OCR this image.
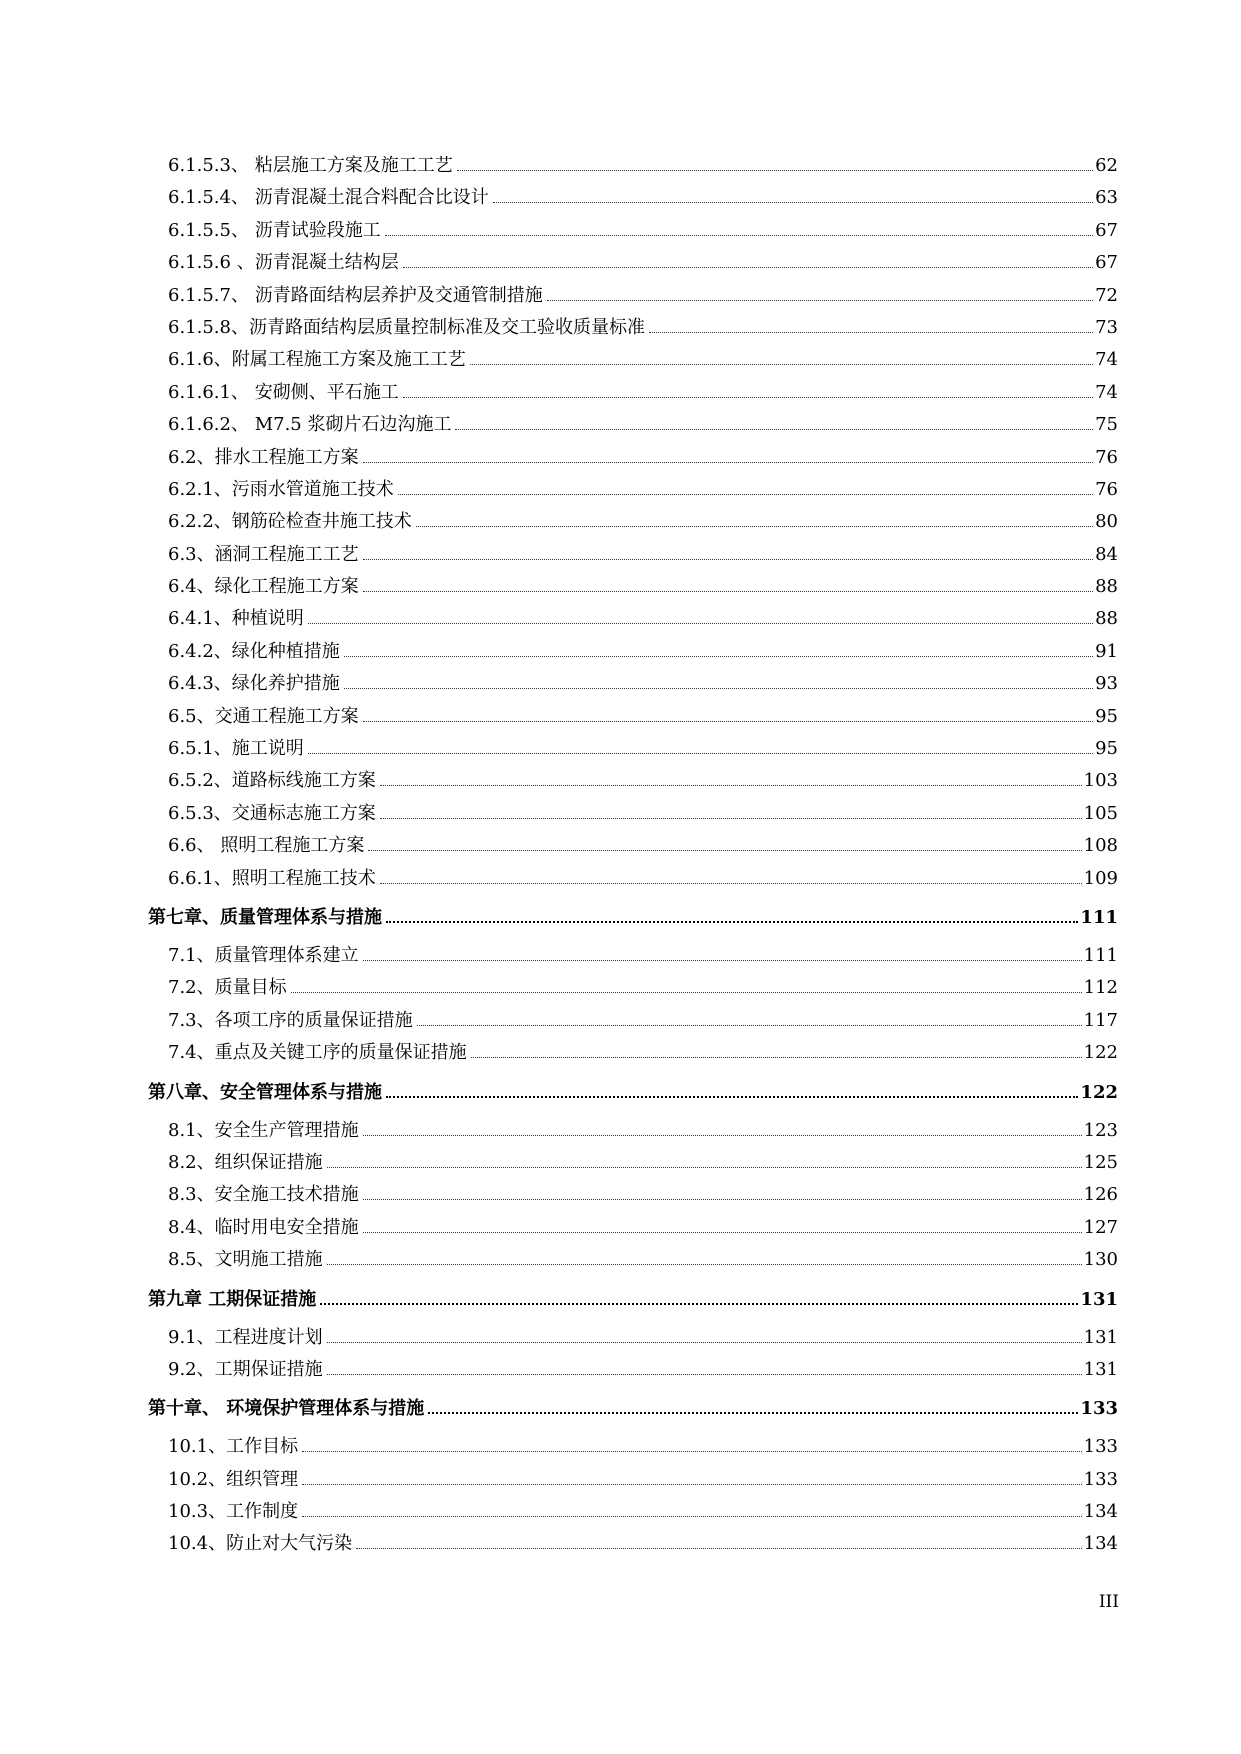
6.1.5.3、 粘层施工方案及施工工艺	62
6.1.5.4、 沥青混凝土混合料配合比设计	63
6.1.5.5、 沥青试验段施工	67
6.1.5.6 、沥青混凝土结构层	67
6.1.5.7、 沥青路面结构层养护及交通管制措施	72
6.1.5.8、沥青路面结构层质量控制标准及交工验收质量标准	73
6.1.6、附属工程施工方案及施工工艺	74
6.1.6.1、 安砌侧、平石施工	74
6.1.6.2、 M7.5 浆砌片石边沟施工	75
6.2、排水工程施工方案	76
6.2.1、污雨水管道施工技术	76
6.2.2、钢筋砼检查井施工技术	80
6.3、涵洞工程施工工艺	84
6.4、绿化工程施工方案	88
6.4.1、种植说明	88
6.4.2、绿化种植措施	91
6.4.3、绿化养护措施	93
6.5、交通工程施工方案	95
6.5.1、施工说明	95
6.5.2、道路标线施工方案	103
6.5.3、交通标志施工方案	105
6.6、 照明工程施工方案	108
6.6.1、照明工程施工技术	109
第七章、质量管理体系与措施	111
7.1、质量管理体系建立	111
7.2、质量目标	112
7.3、各项工序的质量保证措施	117
7.4、重点及关键工序的质量保证措施	122
第八章、安全管理体系与措施	122
8.1、安全生产管理措施	123
8.2、组织保证措施	125
8.3、安全施工技术措施	126
8.4、临时用电安全措施	127
8.5、文明施工措施	130
第九章 工期保证措施	131
9.1、工程进度计划	131
9.2、工期保证措施	131
第十章、 环境保护管理体系与措施	133
10.1、工作目标	133
10.2、组织管理	133
10.3、工作制度	134
10.4、防止对大气污染	134
III
